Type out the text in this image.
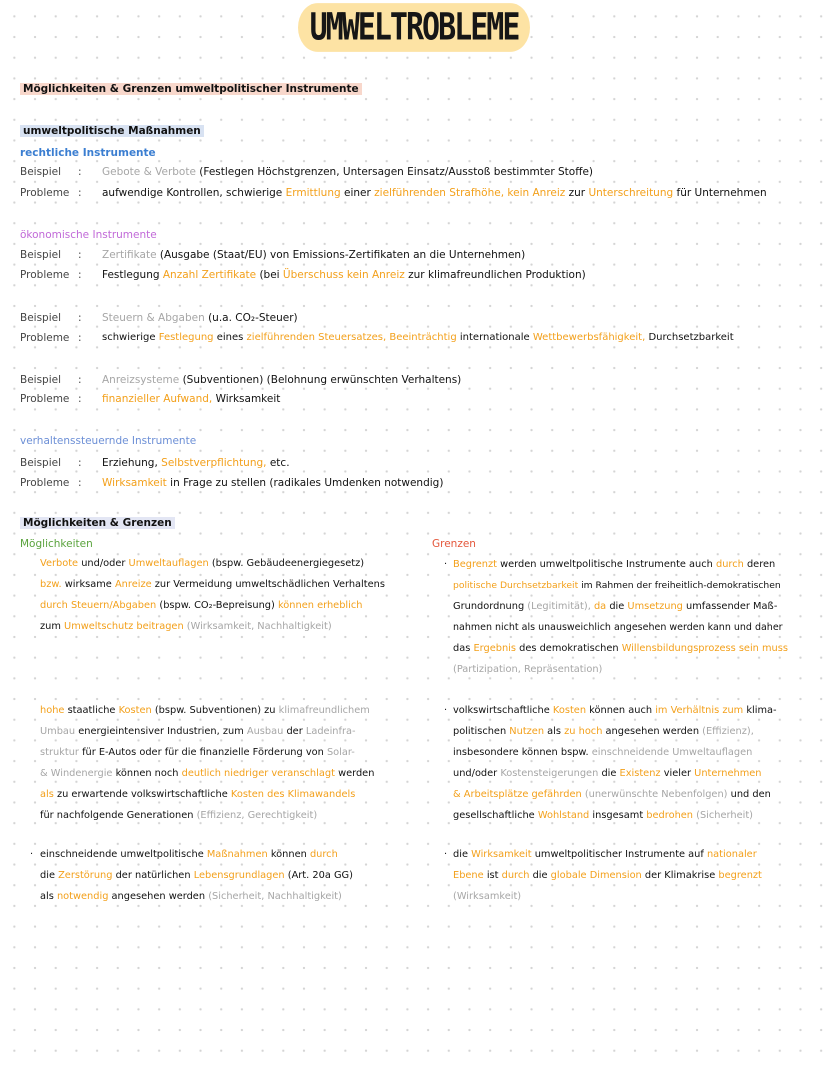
UMWELTROBLEME
Möglichkeiten & Grenzen umweltpolitischer Instrumente
umweltpolitische Maßnahmen
rechtliche Instrumente
Beispiel : Gebote & Verbote (Festlegen Höchstgrenzen, Untersagen Einsatz/Ausstoß bestimmter Stoffe)
Probleme : aufwendige Kontrollen, schwierige Ermittlung einer zielführenden Strafhöhe, kein Anreiz zur Unterschreitung für Unternehmen
ökonomische Instrumente
Beispiel : Zertifikate (Ausgabe (Staat/EU) von Emissions-Zertifikaten an die Unternehmen)
Probleme : Festlegung Anzahl Zertifikate (bei Überschuss kein Anreiz zur klimafreundlichen Produktion)
Beispiel : Steuern & Abgaben (u.a. CO₂-Steuer)
Probleme : schwierige Festlegung eines zielführenden Steuersatzes, Beeinträchtig internationale Wettbewerbsfähigkeit, Durchsetzbarkeit
Beispiel : Anreizsysteme (Subventionen) (Belohnung erwünschten Verhaltens)
Probleme : finanzieller Aufwand, Wirksamkeit
verhaltenssteuernde Instrumente
Beispiel : Erziehung, Selbstverpflichtung, etc.
Probleme : Wirksamkeit in Frage zu stellen (radikales Umdenken notwendig)
Möglichkeiten & Grenzen
Möglichkeiten	Grenzen
Verbote und/oder Umweltauflagen (bspw. Gebäudeenergiegesetz)
bzw. wirksame Anreize zur Vermeidung umweltschädlichen Verhaltens
durch Steuern/Abgaben (bspw. CO₂-Bepreisung) können erheblich
zum Umweltschutz beitragen (Wirksamkeit, Nachhaltigkeit)
hohe staatliche Kosten (bspw. Subventionen) zu klimafreundlichem
Umbau energieintensiver Industrien, zum Ausbau der Ladeinfra-
struktur für E-Autos oder für die finanzielle Förderung von Solar-
& Windenergie können noch deutlich niedriger veranschlagt werden
als zu erwartende volkswirtschaftliche Kosten des Klimawandels
für nachfolgende Generationen (Effizienz, Gerechtigkeit)
· einschneidende umweltpolitische Maßnahmen können durch
die Zerstörung der natürlichen Lebensgrundlagen (Art. 20a GG)
als notwendig angesehen werden (Sicherheit, Nachhaltigkeit)
· Begrenzt werden umweltpolitische Instrumente auch durch deren
politische Durchsetzbarkeit im Rahmen der freiheitlich-demokratischen
Grundordnung (Legitimität), da die Umsetzung umfassender Maß-
nahmen nicht als unausweichlich angesehen werden kann und daher
das Ergebnis des demokratischen Willensbildungsprozess sein muss
(Partizipation, Repräsentation)
· volkswirtschaftliche Kosten können auch im Verhältnis zum klima-
politischen Nutzen als zu hoch angesehen werden (Effizienz),
insbesondere können bspw. einschneidende Umweltauflagen
und/oder Kostensteigerungen die Existenz vieler Unternehmen
& Arbeitsplätze gefährden (unerwünschte Nebenfolgen) und den
gesellschaftliche Wohlstand insgesamt bedrohen (Sicherheit)
· die Wirksamkeit umweltpolitischer Instrumente auf nationaler
Ebene ist durch die globale Dimension der Klimakrise begrenzt
(Wirksamkeit)
